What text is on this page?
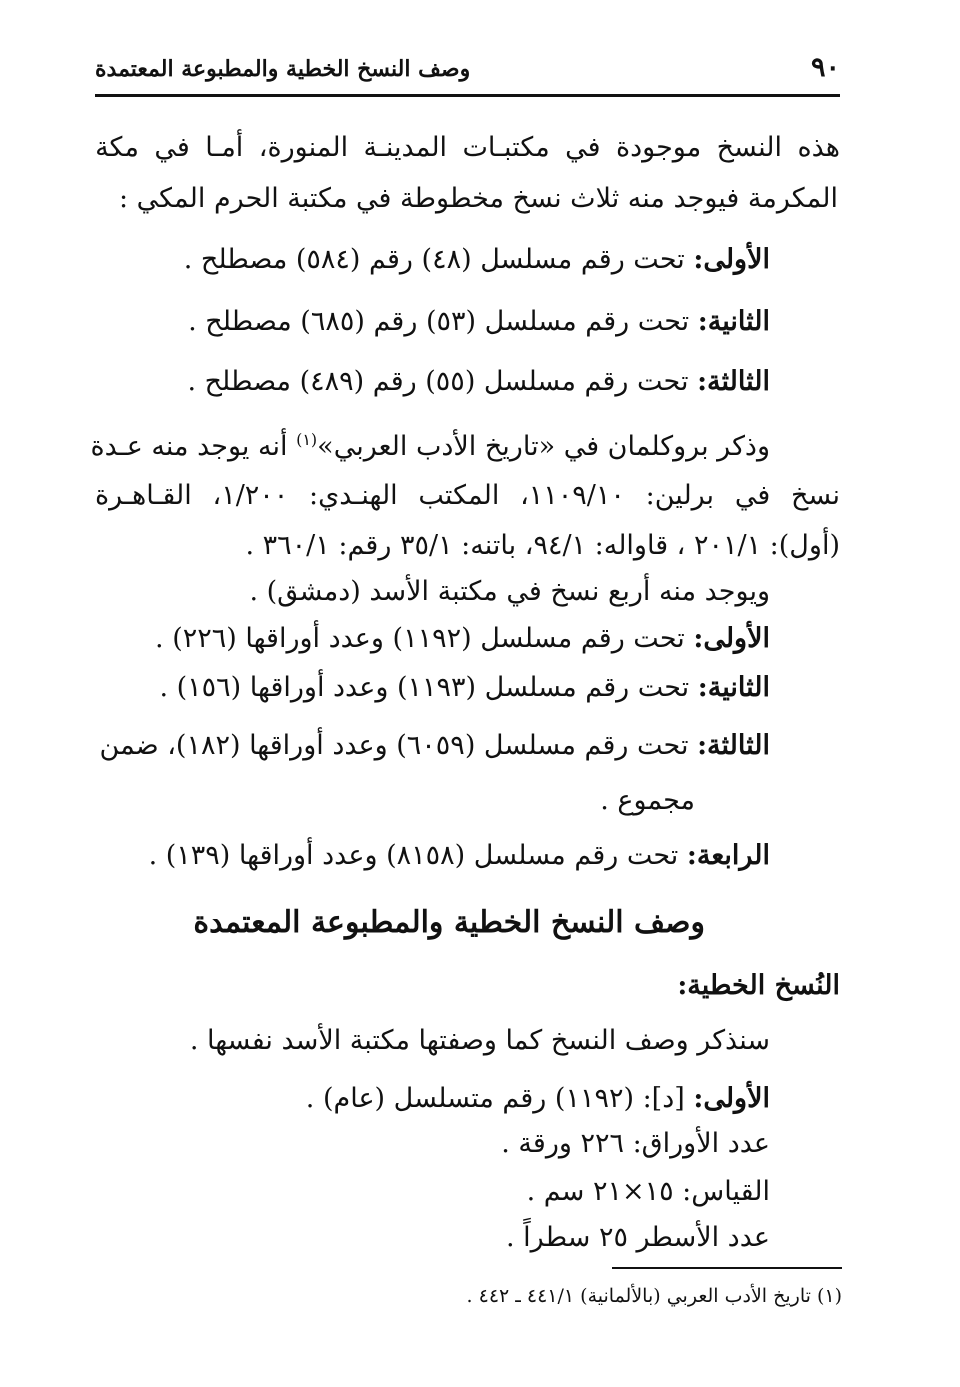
٩٠
وصف النسخ الخطية والمطبوعة المعتمدة
هذه
النسخ
موجودة
في
مكتبـات
المدينـة
المنورة،
أمـا
في
مكة
المكرمة فيوجد منه ثلاث نسخ مخطوطة في مكتبة الحرم المكي :
الأولى: تحت رقم مسلسل (٤٨) رقم (٥٨٤) مصطلح .
الثانية: تحت رقم مسلسل (٥٣) رقم (٦٨٥) مصطلح .
الثالثة: تحت رقم مسلسل (٥٥) رقم (٤٨٩) مصطلح .
وذكر بروكلمان في «تاريخ الأدب العربي»$^{(١)}$ أنه يوجد منه عـدة
نسخ
في
برلين:
١١٠٩/١٠،
المكتب
الهنـدي:
١/٢٠٠،
القـاهـرة
(أول): ٢٠١/١ ، قاواله: ٩٤/١، باتنه: ٣٥/١ رقم: ٣٦٠/١ .
ويوجد منه أربع نسخ في مكتبة الأسد (دمشق) .
الأولى: تحت رقم مسلسل (١١٩٢) وعدد أوراقها (٢٢٦) .
الثانية: تحت رقم مسلسل (١١٩٣) وعدد أوراقها (١٥٦) .
الثالثة: تحت رقم مسلسل (٦٠٥٩) وعدد أوراقها (١٨٢)، ضمن
مجموع .
الرابعة: تحت رقم مسلسل (٨١٥٨) وعدد أوراقها (١٣٩) .
وصف النسخ الخطية والمطبوعة المعتمدة
النُسخ الخطية:
سنذكر وصف النسخ كما وصفتها مكتبة الأسد نفسها .
الأولى: [د]: (١١٩٢) رقم متسلسل (عام) .
عدد الأوراق: ٢٢٦ ورقة .
القياس: ١٥×٢١ سم .
عدد الأسطر ٢٥ سطراً .
(١) تاريخ الأدب العربي (بالألمانية) ٤٤١/١ ـ ٤٤٢ .
